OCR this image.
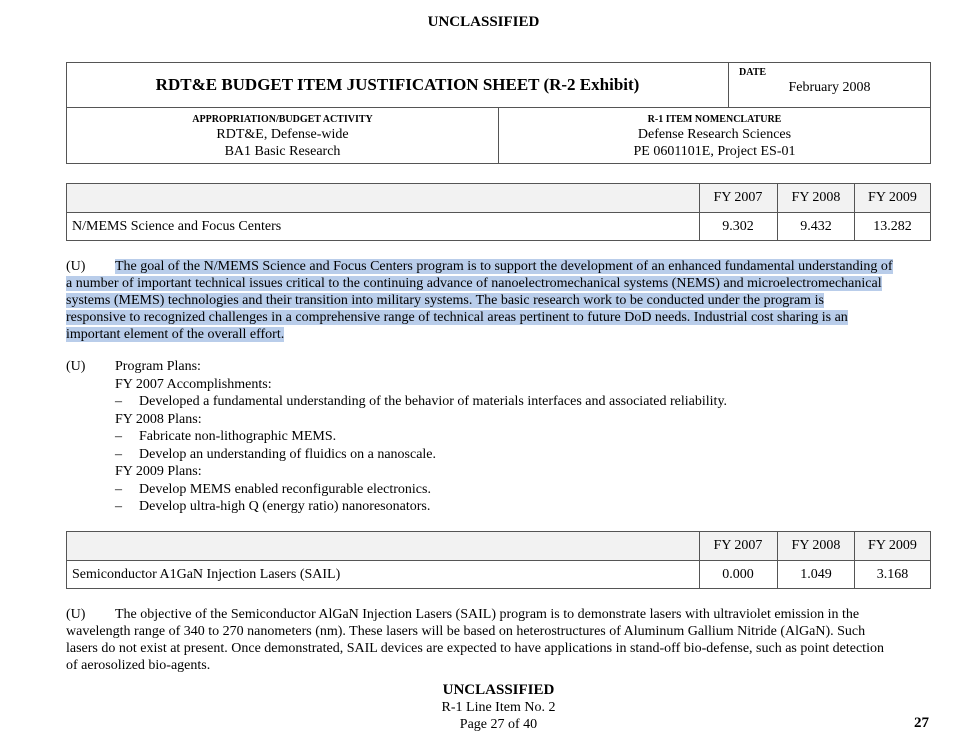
UNCLASSIFIED
RDT&E BUDGET ITEM JUSTIFICATION SHEET (R-2 Exhibit)
DATE
February 2008
APPROPRIATION/BUDGET ACTIVITY
RDT&E, Defense-wide
BA1 Basic Research
R-1 ITEM NOMENCLATURE
Defense Research Sciences
PE 0601101E, Project ES-01
FY 2007
9.302
FY 2008
9.432
FY 2009
13.282
N/MEMS Science and Focus Centers
(U) The goal of the N/MEMS Science and Focus Centers program is to support the development of an enhanced fundamental understanding of
a number of important technical issues critical to the continuing advance of nanoelectromechanical systems (NEMS) and microelectromechanical
systems (MEMS) technologies and their transition into military systems. The basic research work to be conducted under the program is
responsive to recognized challenges in a comprehensive range of technical areas pertinent to future DoD needs. Industrial cost sharing is an
important element of the overall effort.
(U) Program Plans:
FY 2007 Accomplishments:
– Developed a fundamental understanding of the behavior of materials interfaces and associated reliability.
FY 2008 Plans:
– Fabricate non-lithographic MEMS.
– Develop an understanding of fluidics on a nanoscale.
FY 2009 Plans:
– Develop MEMS enabled reconfigurable electronics.
– Develop ultra-high Q (energy ratio) nanoresonators.
FY 2007
0.000
FY 2008
1.049
FY 2009
3.168
Semiconductor A1GaN Injection Lasers (SAIL)
(U) The objective of the Semiconductor AlGaN Injection Lasers (SAIL) program is to demonstrate lasers with ultraviolet emission in the
wavelength range of 340 to 270 nanometers (nm). These lasers will be based on heterostructures of Aluminum Gallium Nitride (AlGaN). Such
lasers do not exist at present. Once demonstrated, SAIL devices are expected to have applications in stand-off bio-defense, such as point detection
of aerosolized bio-agents.
UNCLASSIFIED
R-1 Line Item No. 2
Page 27 of 40	27
